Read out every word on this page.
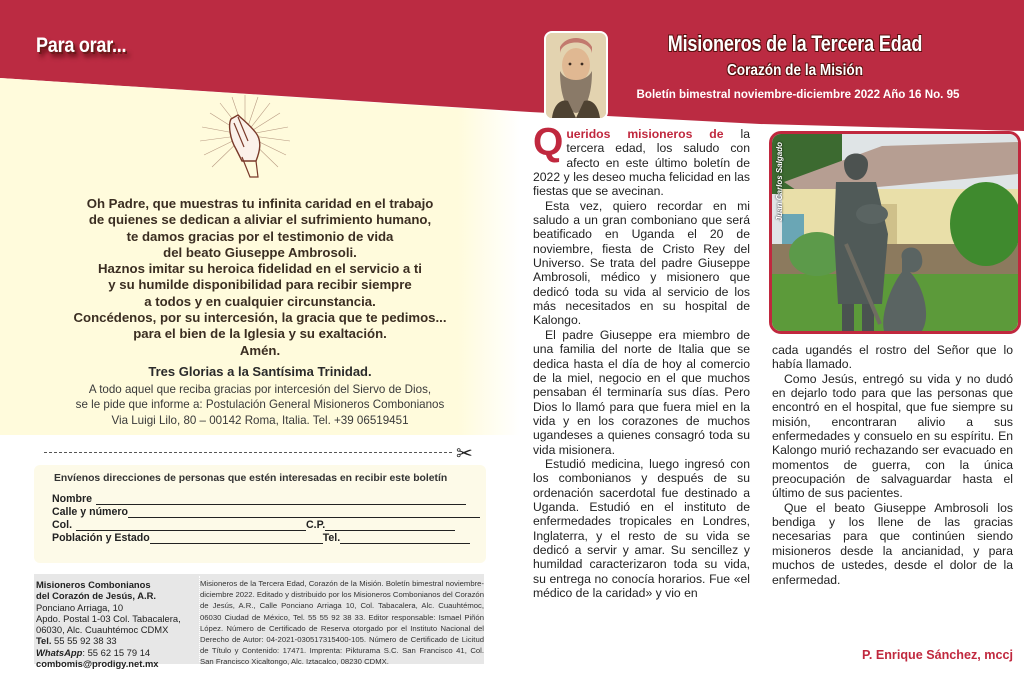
Para orar...
Oh Padre, que muestras tu infinita caridad en el trabajo
de quienes se dedican a aliviar el sufrimiento humano,
te damos gracias por el testimonio de vida
del beato Giuseppe Ambrosoli.
Haznos imitar su heroica fidelidad en el servicio a ti
y su humilde disponibilidad para recibir siempre
a todos y en cualquier circunstancia.
Concédenos, por su intercesión, la gracia que te pedimos...
para el bien de la Iglesia y su exaltación.
Amén.
Tres Glorias a la Santísima Trinidad.
A todo aquel que reciba gracias por intercesión del Siervo de Dios,
se le pide que informe a: Postulación General Misioneros Combonianos
Via Luigi Lilo, 80 – 00142 Roma, Italia. Tel. +39 06519451
✂
Envíenos direcciones de personas que estén interesadas en recibir este boletín
Nombre
Calle y número
Col.	C.P.
Población y Estado	Tel.
Misioneros Combonianos
del Corazón de Jesús, A.R.
Ponciano Arriaga, 10
Apdo. Postal 1-03 Col. Tabacalera,
06030, Alc. Cuauhtémoc CDMX
Tel. 55 55 92 38 33
WhatsApp: 55 62 15 79 14
combomis@prodigy.net.mx
Misioneros de la Tercera Edad, Corazón de la Misión. Boletín bimestral noviembre-diciembre 2022. Editado y distribuido por los Misioneros Combonianos del Corazón de Jesús, A.R., Calle Ponciano Arriaga 10, Col. Tabacalera, Alc. Cuauhtémoc, 06030 Ciudad de México, Tel. 55 55 92 38 33. Editor responsable: Ismael Piñón López. Número de Certificado de Reserva otorgado por el Instituto Nacional del Derecho de Autor: 04-2021-030517315400-105. Número de Certificado de Licitud de Título y Contenido: 17471. Imprenta: Pikturama S.C. San Francisco 41, Col. San Francisco Xicaltongo, Alc. Iztacalco, 08230 CDMX.
Misioneros de la Tercera Edad
Corazón de la Misión
Boletín bimestral noviembre-diciembre 2022 Año 16 No. 95

Queridos misioneros de la tercera edad, los saludo con afecto en este último boletín de 2022 y les deseo mucha felicidad en las fiestas que se avecinan.

Esta vez, quiero recordar en mi saludo a un gran comboniano que será beatificado en Uganda el 20 de noviembre, fiesta de Cristo Rey del Universo. Se trata del padre Giuseppe Ambrosoli, médico y misionero que dedicó toda su vida al servicio de los más necesitados en su hospital de Kalongo.

El padre Giuseppe era miembro de una familia del norte de Italia que se dedica hasta el día de hoy al comercio de la miel, negocio en el que muchos pensaban él terminaría sus días. Pero Dios lo llamó para que fuera miel en la vida y en los corazones de muchos ugandeses a quienes consagró toda su vida misionera.

Estudió medicina, luego ingresó con los combonianos y después de su ordenación sacerdotal fue destinado a Uganda. Estudió en el instituto de enfermedades tropicales en Londres, Inglaterra, y el resto de su vida se dedicó a servir y amar. Su sencillez y humildad caracterizaron toda su vida, su entrega no conocía horarios. Fue «el médico de la caridad» y vio en

Juan Carlos Salgado

cada ugandés el rostro del Señor que lo había llamado.

Como Jesús, entregó su vida y no dudó en dejarlo todo para que las personas que encontró en el hospital, que fue siempre su misión, encontraran alivio a sus enfermedades y consuelo en su espíritu. En Kalongo murió rechazando ser evacuado en momentos de guerra, con la única preocupación de salvaguardar hasta el último de sus pacientes.

Que el beato Giuseppe Ambrosoli los bendiga y los llene de las gracias necesarias para que continúen siendo misioneros desde la ancianidad, y para muchos de ustedes, desde el dolor de la enfermedad.

P. Enrique Sánchez, mccj
